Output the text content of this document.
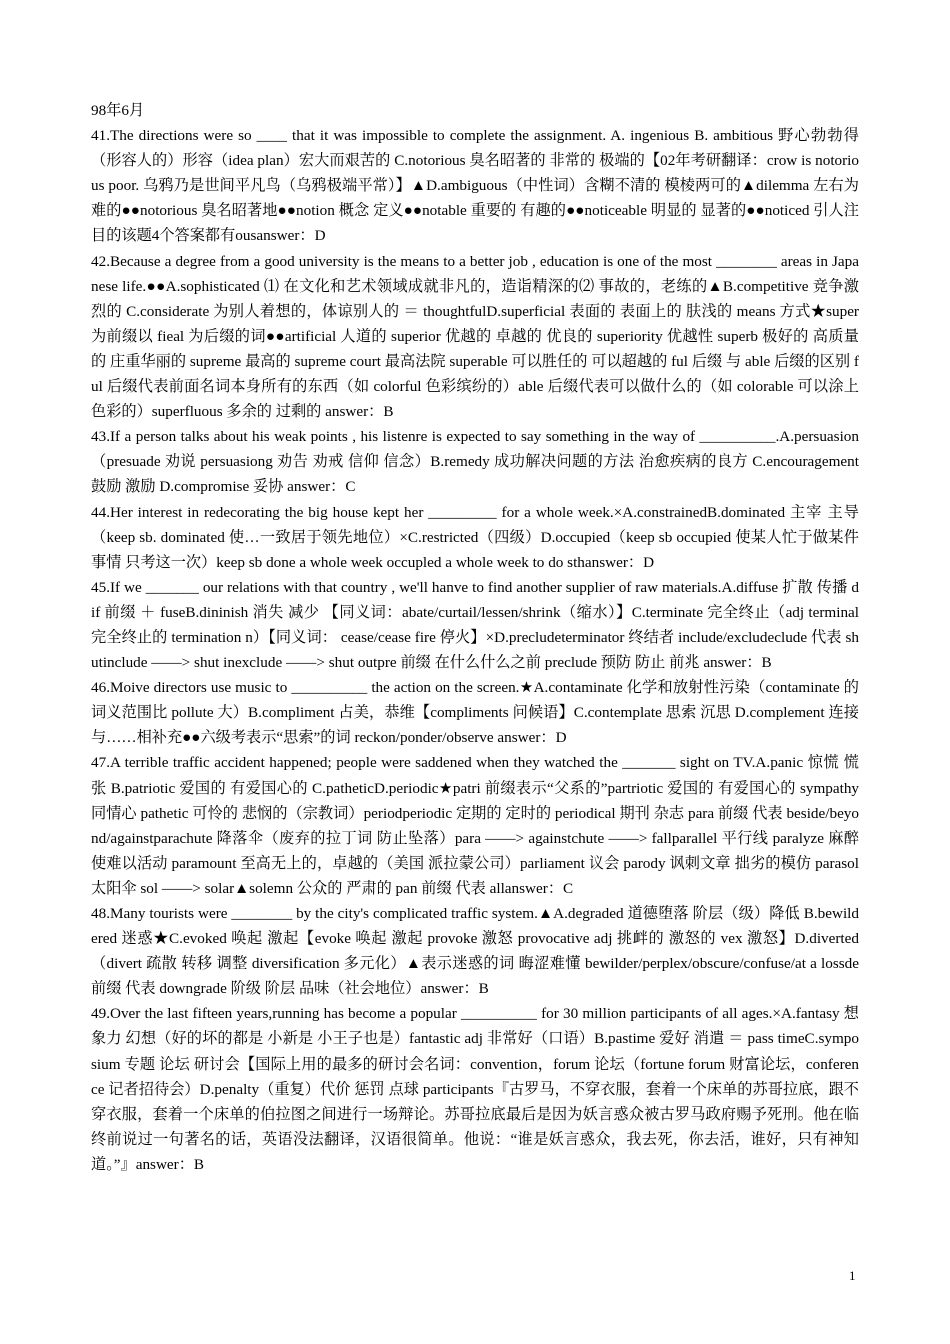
98年6月

41.The directions were so ____ that it was impossible to complete the assignment. A. ingenious B. ambitious 野心勃勃得（形容人的）形容（idea plan）宏大而艰苦的 C.notorious 臭名昭著的 非常的 极端的【02年考研翻译：crow is notorious poor. 乌鸦乃是世间平凡鸟（乌鸦极端平常）】▲D.ambiguous（中性词）含糊不清的 模棱两可的▲dilemma 左右为难的●●notorious 臭名昭著地●●notion 概念 定义●●notable 重要的 有趣的●●noticeable 明显的 显著的●●noticed 引人注目的该题4个答案都有ousanswer：D

42.Because a degree from a good university is the means to a better job , education is one of the most ________ areas in Japanese life.●●A.sophisticated ⑴ 在文化和艺术领域成就非凡的，造诣精深的⑵ 事故的，老练的▲B.competitive 竞争激烈的 C.considerate 为别人着想的，体谅别人的 ＝ thoughtfulD.superficial 表面的 表面上的 肤浅的 means 方式★super 为前缀以 fieal 为后缀的词●●artificial 人道的 superior 优越的 卓越的 优良的 superiority 优越性 superb 极好的 高质量的 庄重华丽的 supreme 最高的 supreme court 最高法院 superable 可以胜任的 可以超越的 ful 后缀 与 able 后缀的区别 ful 后缀代表前面名词本身所有的东西（如 colorful 色彩缤纷的）able 后缀代表可以做什么的（如 colorable 可以涂上色彩的）superfluous 多余的 过剩的 answer：B

43.If a person talks about his weak points , his listenre is expected to say something in the way of __________.A.persuasion（presuade 劝说 persuasiong 劝告 劝戒 信仰 信念）B.remedy 成功解决问题的方法 治愈疾病的良方 C.encouragement 鼓励 激励 D.compromise 妥协 answer：C

44.Her interest in redecorating the big house kept her _________ for a whole week.×A.constrainedB.dominated 主宰 主导（keep sb. dominated 使…一致居于领先地位）×C.restricted（四级）D.occupied（keep sb occupied 使某人忙于做某件事情 只考这一次）keep sb done a whole week occupled a whole week to do sthanswer：D

45.If we _______ our relations with that country , we'll hanve to find another supplier of raw materials.A.diffuse 扩散 传播 dif 前缀 ＋ fuseB.dininish 消失 减少 【同义词：abate/curtail/lessen/shrink（缩水）】C.terminate 完全终止（adj terminal 完全终止的 termination n）【同义词： cease/cease fire 停火】×D.precludeterminator 终结者 include/excludeclude 代表 shutinclude ——> shut inexclude ——> shut outpre 前缀 在什么什么之前 preclude 预防 防止 前兆 answer：B

46.Moive directors use music to __________ the action on the screen.★A.contaminate 化学和放射性污染（contaminate 的词义范围比 pollute 大）B.compliment 占美，恭维【compliments 问候语】C.contemplate 思索 沉思 D.complement 连接 与……相补充●●六级考表示“思索”的词 reckon/ponder/observe answer：D

47.A terrible traffic accident happened; people were saddened when they watched the _______ sight on TV.A.panic 惊慌 慌张 B.patriotic 爱国的 有爱国心的 C.patheticD.periodic★patri 前缀表示“父系的”partriotic 爱国的 有爱国心的 sympathy 同情心 pathetic 可怜的 悲悯的（宗教词）periodperiodic 定期的 定时的 periodical 期刊 杂志 para 前缀 代表 beside/beyond/againstparachute 降落伞（废弃的拉丁词 防止坠落）para ——> againstchute ——> fallparallel 平行线 paralyze 麻醉 使难以活动 paramount 至高无上的，卓越的（美国 派拉蒙公司）parliament 议会 parody 讽刺文章 拙劣的模仿 parasol 太阳伞 sol ——> solar▲solemn 公众的 严肃的 pan 前缀 代表 allanswer：C

48.Many tourists were ________ by the city's complicated traffic system.▲A.degraded 道德堕落 阶层（级）降低 B.bewildered 迷惑★C.evoked 唤起 激起【evoke 唤起 激起 provoke 激怒 provocative adj 挑衅的 激怒的 vex 激怒】D.diverted （divert 疏散 转移 调整 diversification 多元化）▲表示迷惑的词 晦涩难懂 bewilder/perplex/obscure/confuse/at a lossde 前缀 代表 downgrade 阶级 阶层 品味（社会地位）answer：B

49.Over the last fifteen years,running has become a popular __________ for 30 million participants of all ages.×A.fantasy 想象力 幻想（好的坏的都是 小新是 小王子也是）fantastic adj 非常好（口语）B.pastime 爱好 消遣 ＝ pass timeC.symposium 专题 论坛 研讨会【国际上用的最多的研讨会名词：convention，forum 论坛（fortune forum 财富论坛，conference 记者招待会）D.penalty（重复）代价 惩罚 点球 participants『古罗马，不穿衣服，套着一个床单的苏哥拉底，跟不穿衣服，套着一个床单的伯拉图之间进行一场辩论。苏哥拉底最后是因为妖言惑众被古罗马政府赐予死刑。他在临终前说过一句著名的话，英语没法翻译，汉语很简单。他说：“谁是妖言惑众，我去死，你去活，谁好，只有神知道。”』answer：B

1
